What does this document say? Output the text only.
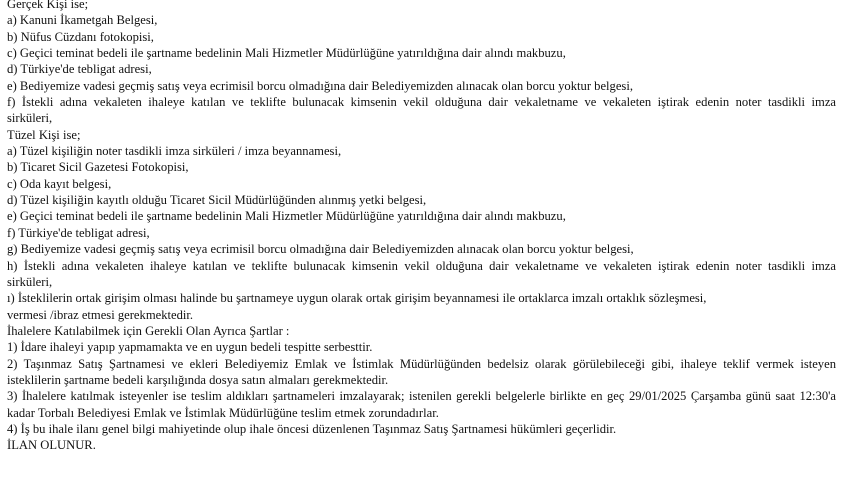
Gerçek Kişi ise;
a) Kanuni İkametgah Belgesi,
b) Nüfus Cüzdanı fotokopisi,
c) Geçici teminat bedeli ile şartname bedelinin Mali Hizmetler Müdürlüğüne yatırıldığına dair alındı makbuzu,
d) Türkiye'de tebligat adresi,
e) Bediyemize vadesi geçmiş satış veya ecrimisil borcu olmadığına dair Belediyemizden alınacak olan borcu yoktur belgesi,
f) İstekli adına vekaleten ihaleye katılan ve teklifte bulunacak kimsenin vekil olduğuna dair vekaletname ve vekaleten iştirak edenin noter tasdikli imza
sirküleri,
Tüzel Kişi ise;
a) Tüzel kişiliğin noter tasdikli imza sirküleri / imza beyannamesi,
b) Ticaret Sicil Gazetesi Fotokopisi,
c) Oda kayıt belgesi,
d) Tüzel kişiliğin kayıtlı olduğu Ticaret Sicil Müdürlüğünden alınmış yetki belgesi,
e) Geçici teminat bedeli ile şartname bedelinin Mali Hizmetler Müdürlüğüne yatırıldığına dair alındı makbuzu,
f) Türkiye'de tebligat adresi,
g) Bediyemize vadesi geçmiş satış veya ecrimisil borcu olmadığına dair Belediyemizden alınacak olan borcu yoktur belgesi,
h) İstekli adına vekaleten ihaleye katılan ve teklifte bulunacak kimsenin vekil olduğuna dair vekaletname ve vekaleten iştirak edenin noter tasdikli imza
sirküleri,
ı) İsteklilerin ortak girişim olması halinde bu şartnameye uygun olarak ortak girişim beyannamesi ile ortaklarca imzalı ortaklık sözleşmesi,
vermesi /ibraz etmesi gerekmektedir.
İhalelere Katılabilmek için Gerekli Olan Ayrıca Şartlar :
1) İdare ihaleyi yapıp yapmamakta ve en uygun bedeli tespitte serbesttir.
2) Taşınmaz Satış Şartnamesi ve ekleri Belediyemiz Emlak ve İstimlak Müdürlüğünden bedelsiz olarak görülebileceği gibi, ihaleye teklif vermek isteyen
isteklilerin şartname bedeli karşılığında dosya satın almaları gerekmektedir.
3) İhalelere katılmak isteyenler ise teslim aldıkları şartnameleri imzalayarak; istenilen gerekli belgelerle birlikte en geç 29/01/2025 Çarşamba günü saat 12:30'a
kadar Torbalı Belediyesi Emlak ve İstimlak Müdürlüğüne teslim etmek zorundadırlar.
4) İş bu ihale ilanı genel bilgi mahiyetinde olup ihale öncesi düzenlenen Taşınmaz Satış Şartnamesi hükümleri geçerlidir.
İLAN OLUNUR.
